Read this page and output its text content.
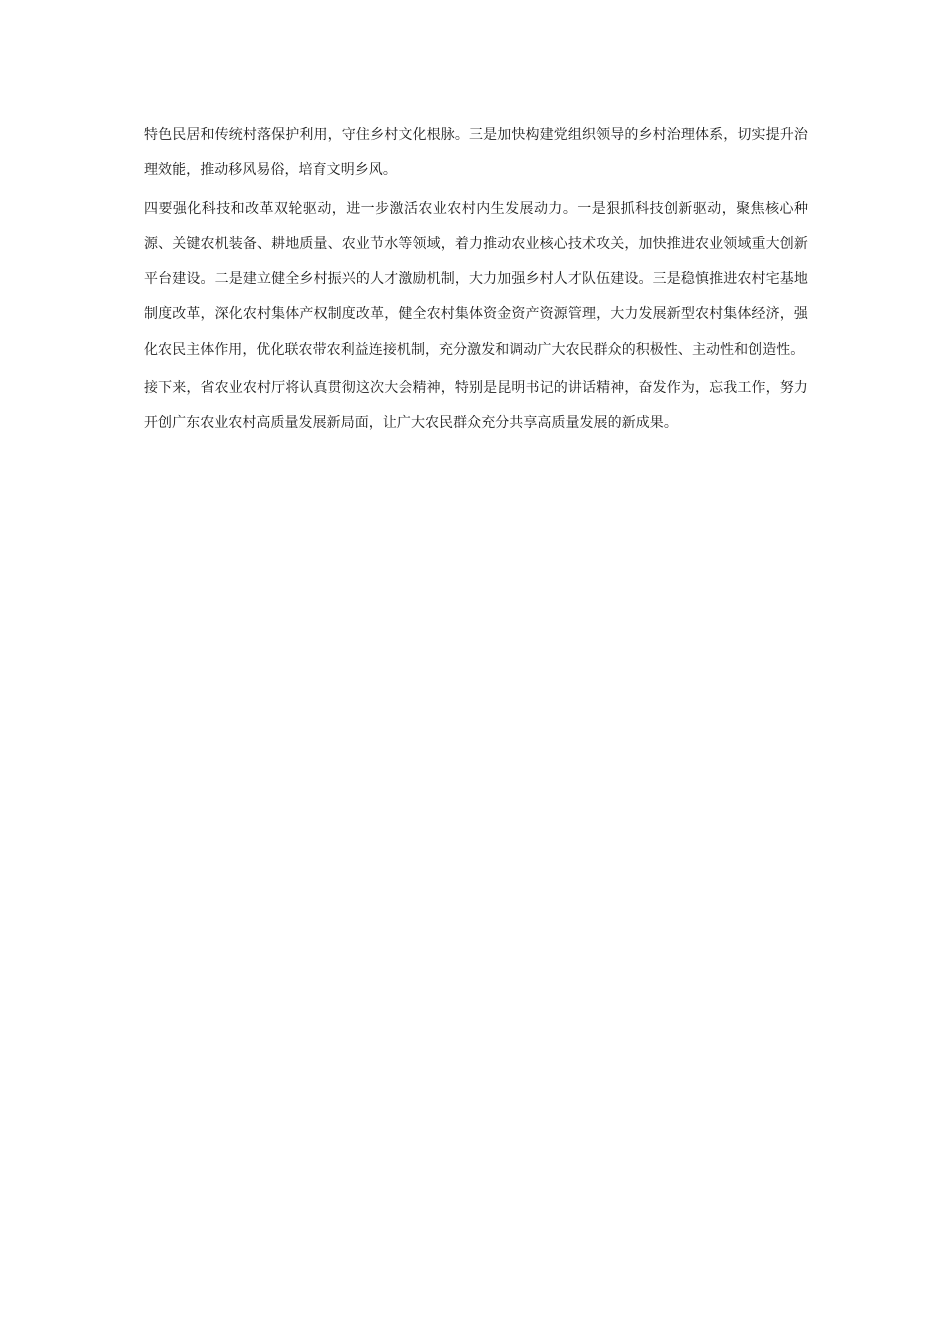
特色民居和传统村落保护利用，守住乡村文化根脉。三是加快构建党组织领导的乡村治理体系，切实提升治理效能，推动移风易俗，培育文明乡风。

四要强化科技和改革双轮驱动，进一步激活农业农村内生发展动力。一是狠抓科技创新驱动，聚焦核心种源、关键农机装备、耕地质量、农业节水等领域，着力推动农业核心技术攻关，加快推进农业领域重大创新平台建设。二是建立健全乡村振兴的人才激励机制，大力加强乡村人才队伍建设。三是稳慎推进农村宅基地制度改革，深化农村集体产权制度改革，健全农村集体资金资产资源管理，大力发展新型农村集体经济，强化农民主体作用，优化联农带农利益连接机制，充分激发和调动广大农民群众的积极性、主动性和创造性。

接下来，省农业农村厅将认真贯彻这次大会精神，特别是昆明书记的讲话精神，奋发作为，忘我工作，努力开创广东农业农村高质量发展新局面，让广大农民群众充分共享高质量发展的新成果。
